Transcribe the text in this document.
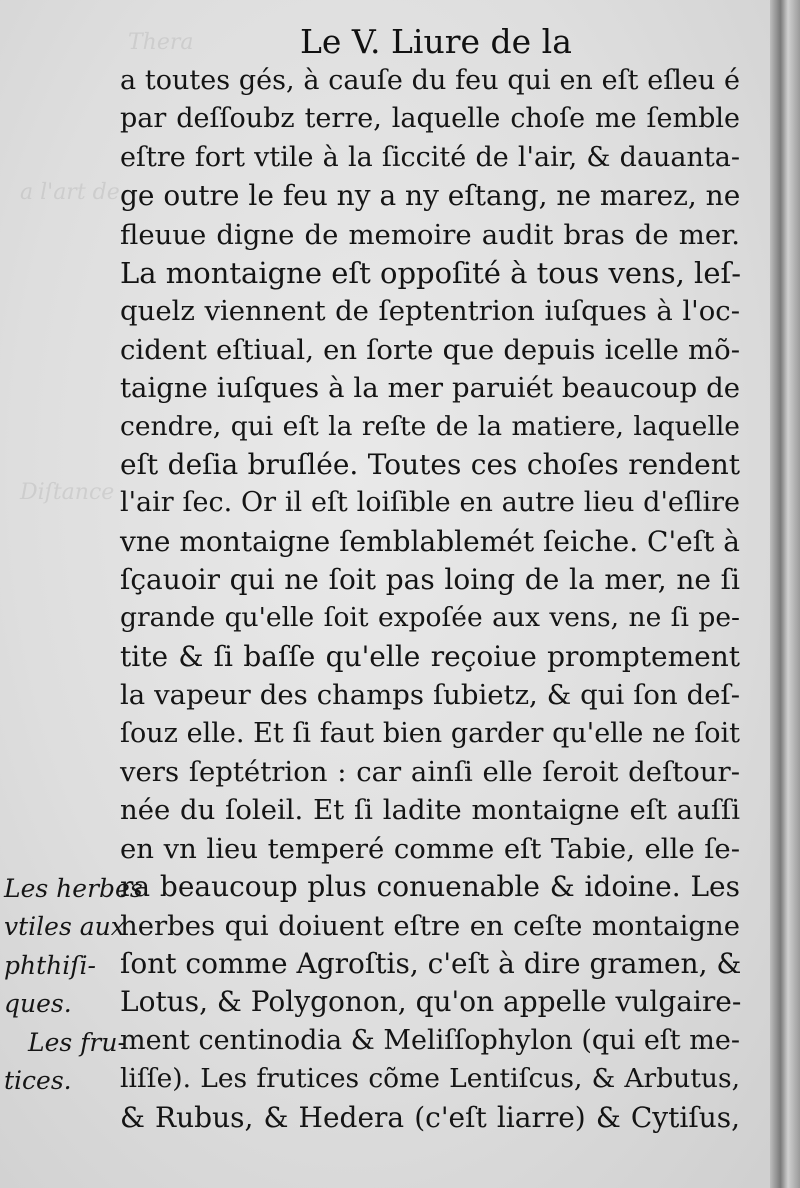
Thera
a l'art de
Diſtance
Le V. Liure de la
a toutes gés, à cauſe du feu qui en eſt eſleu é
par deſſoubz terre, laquelle choſe me ſemble
eſtre fort vtile à la ſiccité de l'air, & dauanta-
ge outre le feu ny a ny eſtang, ne marez, ne
fleuue digne de memoire audit bras de mer.
La montaigne eſt oppoſité à tous vens, leſ-
quelz viennent de ſeptentrion iuſques à l'oc-
cident eſtiual, en ſorte que depuis icelle mõ-
taigne iuſques à la mer paruiét beaucoup de
cendre, qui eſt la reſte de la matiere, laquelle
eſt deſia bruſlée. Toutes ces choſes rendent
l'air ſec. Or il eſt loiſible en autre lieu d'eſlire
vne montaigne ſemblablemét ſeiche. C'eſt à
ſçauoir qui ne ſoit pas loing de la mer, ne ſi
grande qu'elle ſoit expoſée aux vens, ne ſi pe-
tite & ſi baſſe qu'elle reçoiue promptement
la vapeur des champs ſubietz, & qui ſon deſ-
ſouz elle. Et ſi faut bien garder qu'elle ne ſoit
vers ſeptétrion : car ainſi elle ſeroit deſtour-
née du ſoleil. Et ſi ladite montaigne eſt auſſi
en vn lieu temperé comme eſt Tabie, elle ſe-
ra beaucoup plus conuenable & idoine. Les
herbes qui doiuent eſtre en ceſte montaigne
ſont comme Agroſtis, c'eſt à dire gramen, &
Lotus, & Polygonon, qu'on appelle vulgaire-
ment centinodia & Meliſſophylon (qui eſt me-
liſſe). Les frutices cõme Lentiſcus, & Arbutus,
& Rubus, & Hedera (c'eſt liarre) & Cytiſus,
Les herbes
vtiles aux
phthiſi-
ques.
Les fru-
tices.
